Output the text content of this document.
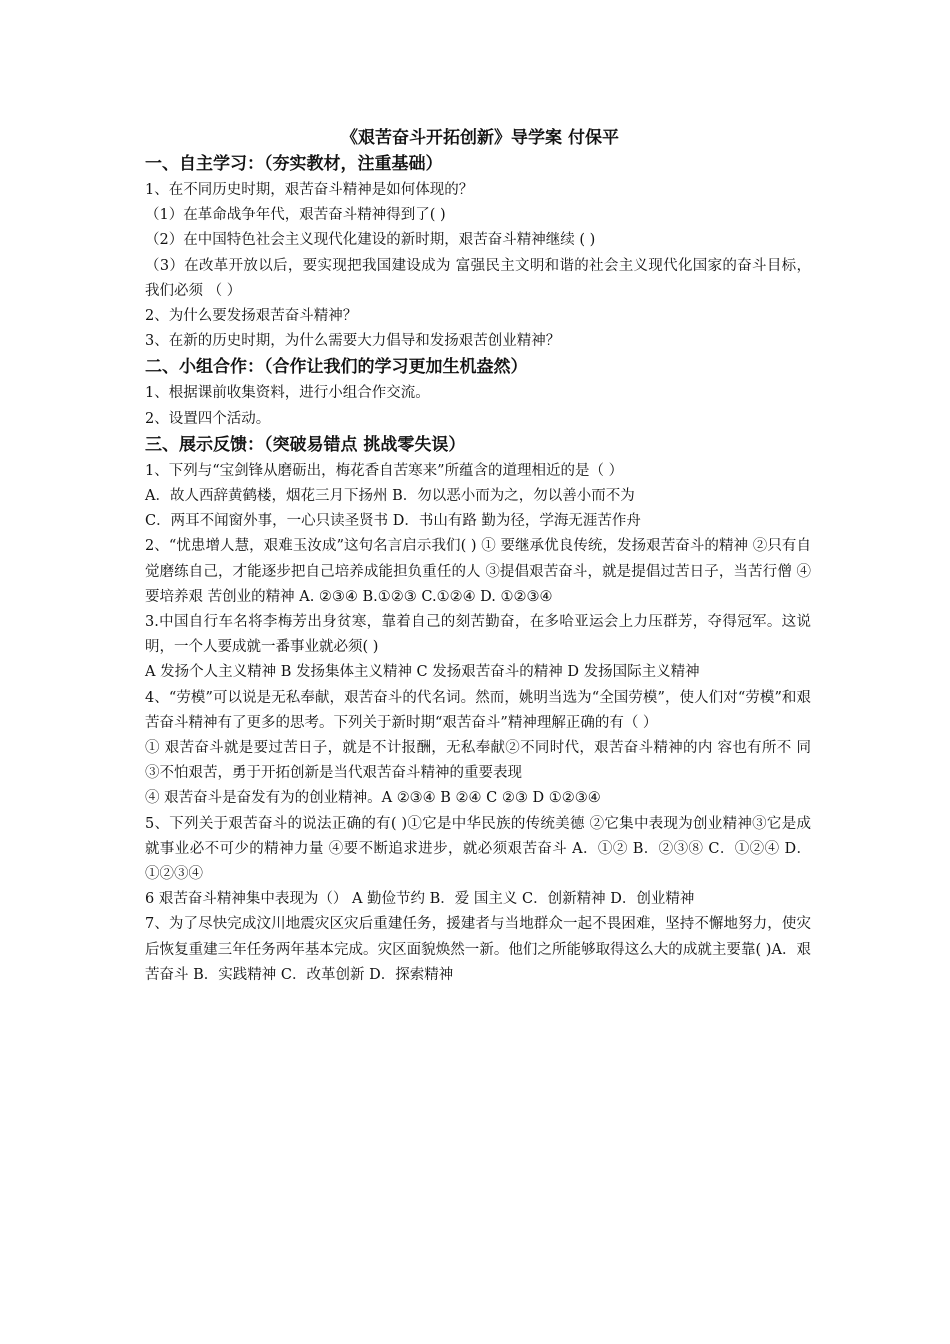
《艰苦奋斗开拓创新》导学案 付保平
一、自主学习：（夯实教材，注重基础）
1、在不同历史时期，艰苦奋斗精神是如何体现的？
（1）在革命战争年代，艰苦奋斗精神得到了( )
（2）在中国特色社会主义现代化建设的新时期，艰苦奋斗精神继续 ( )
（3）在改革开放以后，要实现把我国建设成为 富强民主文明和谐的社会主义现代化国家的奋斗目标，我们必须 （ ）
2、为什么要发扬艰苦奋斗精神？
3、在新的历史时期，为什么需要大力倡导和发扬艰苦创业精神？
二、小组合作：（合作让我们的学习更加生机盎然）
1、根据课前收集资料，进行小组合作交流。
2、设置四个活动。
三、展示反馈：（突破易错点 挑战零失误）
1、下列与“宝剑锋从磨砺出，梅花香自苦寒来”所蕴含的道理相近的是（ ）
A．故人西辞黄鹤楼，烟花三月下扬州 B．勿以恶小而为之，勿以善小而不为
C．两耳不闻窗外事，一心只读圣贤书 D．书山有路 勤为径，学海无涯苦作舟
2、“忧患增人慧，艰难玉汝成”这句名言启示我们( ) ① 要继承优良传统，发扬艰苦奋斗的精神 ②只有自觉磨练自己，才能逐步把自己培养成能担负重任的人 ③提倡艰苦奋斗，就是提倡过苦日子，当苦行僧 ④要培养艰 苦创业的精神 A. ②③④ B.①②③ C.①②④ D. ①②③④
3.中国自行车名将李梅芳出身贫寒，靠着自己的刻苦勤奋，在多哈亚运会上力压群芳，夺得冠军。这说明，一个人要成就一番事业就必须( )
A 发扬个人主义精神 B 发扬集体主义精神 C 发扬艰苦奋斗的精神 D 发扬国际主义精神
4、“劳模”可以说是无私奉献，艰苦奋斗的代名词。然而，姚明当选为“全国劳模”，使人们对“劳模”和艰苦奋斗精神有了更多的思考。下列关于新时期“艰苦奋斗”精神理解正确的有（ ）
① 艰苦奋斗就是要过苦日子，就是不计报酬，无私奉献②不同时代，艰苦奋斗精神的内 容也有所不 同 ③不怕艰苦，勇于开拓创新是当代艰苦奋斗精神的重要表现
④ 艰苦奋斗是奋发有为的创业精神。A ②③④ B ②④ C ②③ D ①②③④
5、下列关于艰苦奋斗的说法正确的有( )①它是中华民族的传统美德 ②它集中表现为创业精神③它是成就事业必不可少的精神力量 ④要不断追求进步，就必须艰苦奋斗 A．①② B．②③⑧ C．①②④ D．①②③④
6 艰苦奋斗精神集中表现为（） A 勤俭节约 B．爱 国主义 C．创新精神 D．创业精神
7、为了尽快完成汶川地震灾区灾后重建任务，援建者与当地群众一起不畏困难，坚持不懈地努力，使灾后恢复重建三年任务两年基本完成。灾区面貌焕然一新。他们之所能够取得这么大的成就主要靠( )A．艰苦奋斗 B．实践精神 C．改革创新 D．探索精神
